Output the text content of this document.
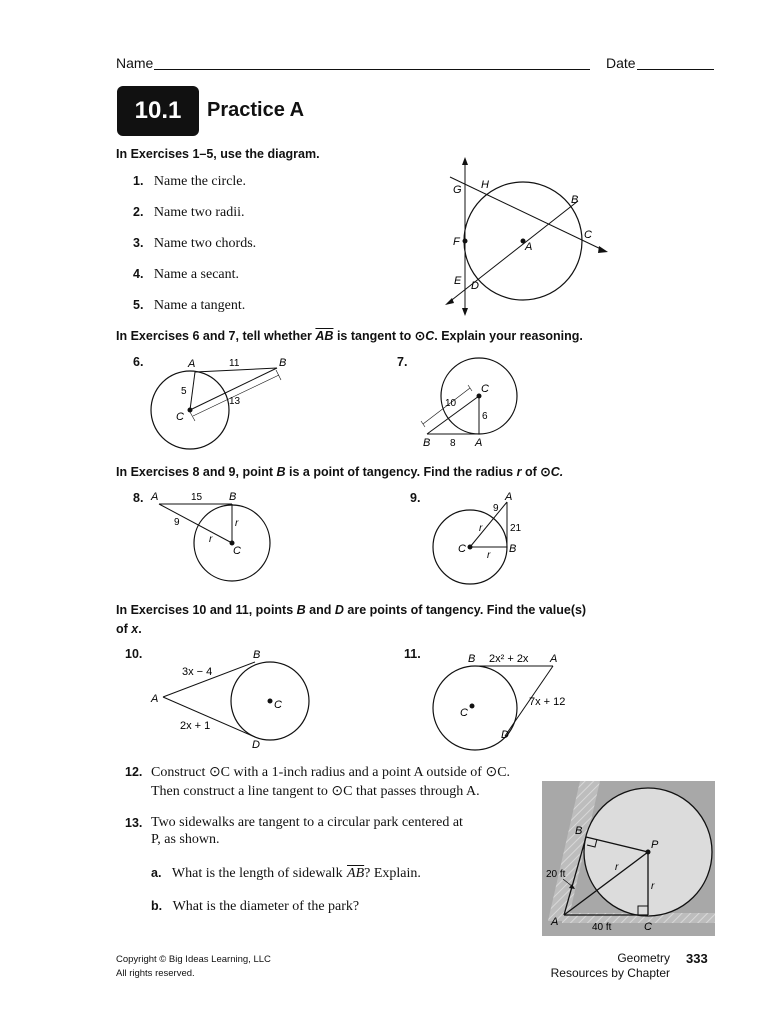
Name	Date
10.1	Practice A
In Exercises 1–5, use the diagram.
1. Name the circle.
2. Name two radii.
3. Name two chords.
4. Name a secant.
5. Name a tangent.
G H
B
C
F	A
E D
In Exercises 6 and 7, tell whether $\overline{AB}$ is tangent to ⊙C. Explain your reasoning.
6.	A	11	B
5
C
13
7.
C
10
6
B 8 A
In Exercises 8 and 9, point B is a point of tangency. Find the radius r of ⊙C.
8. A	15 B
9	r
r
C
9.	A
9
21
r
r
C	B
In Exercises 10 and 11, points B and D are points of tangency. Find the value(s)
of x.
10.	B
3x − 4
A	C
2x + 1
D
11.	B 2x² + 2x A
7x + 12
C
D
12. Construct ⊙C with a 1-inch radius and a point A outside of ⊙C.
Then construct a line tangent to ⊙C that passes through A.
13. Two sidewalks are tangent to a circular park centered at
P, as shown.
a. What is the length of sidewalk $\overline{AB}$? Explain.
b. What is the diameter of the park?
B
P
r
r
20 ft
A	40 ft	C
Copyright © Big Ideas Learning, LLC
All rights reserved.
Geometry 333
Resources by Chapter
